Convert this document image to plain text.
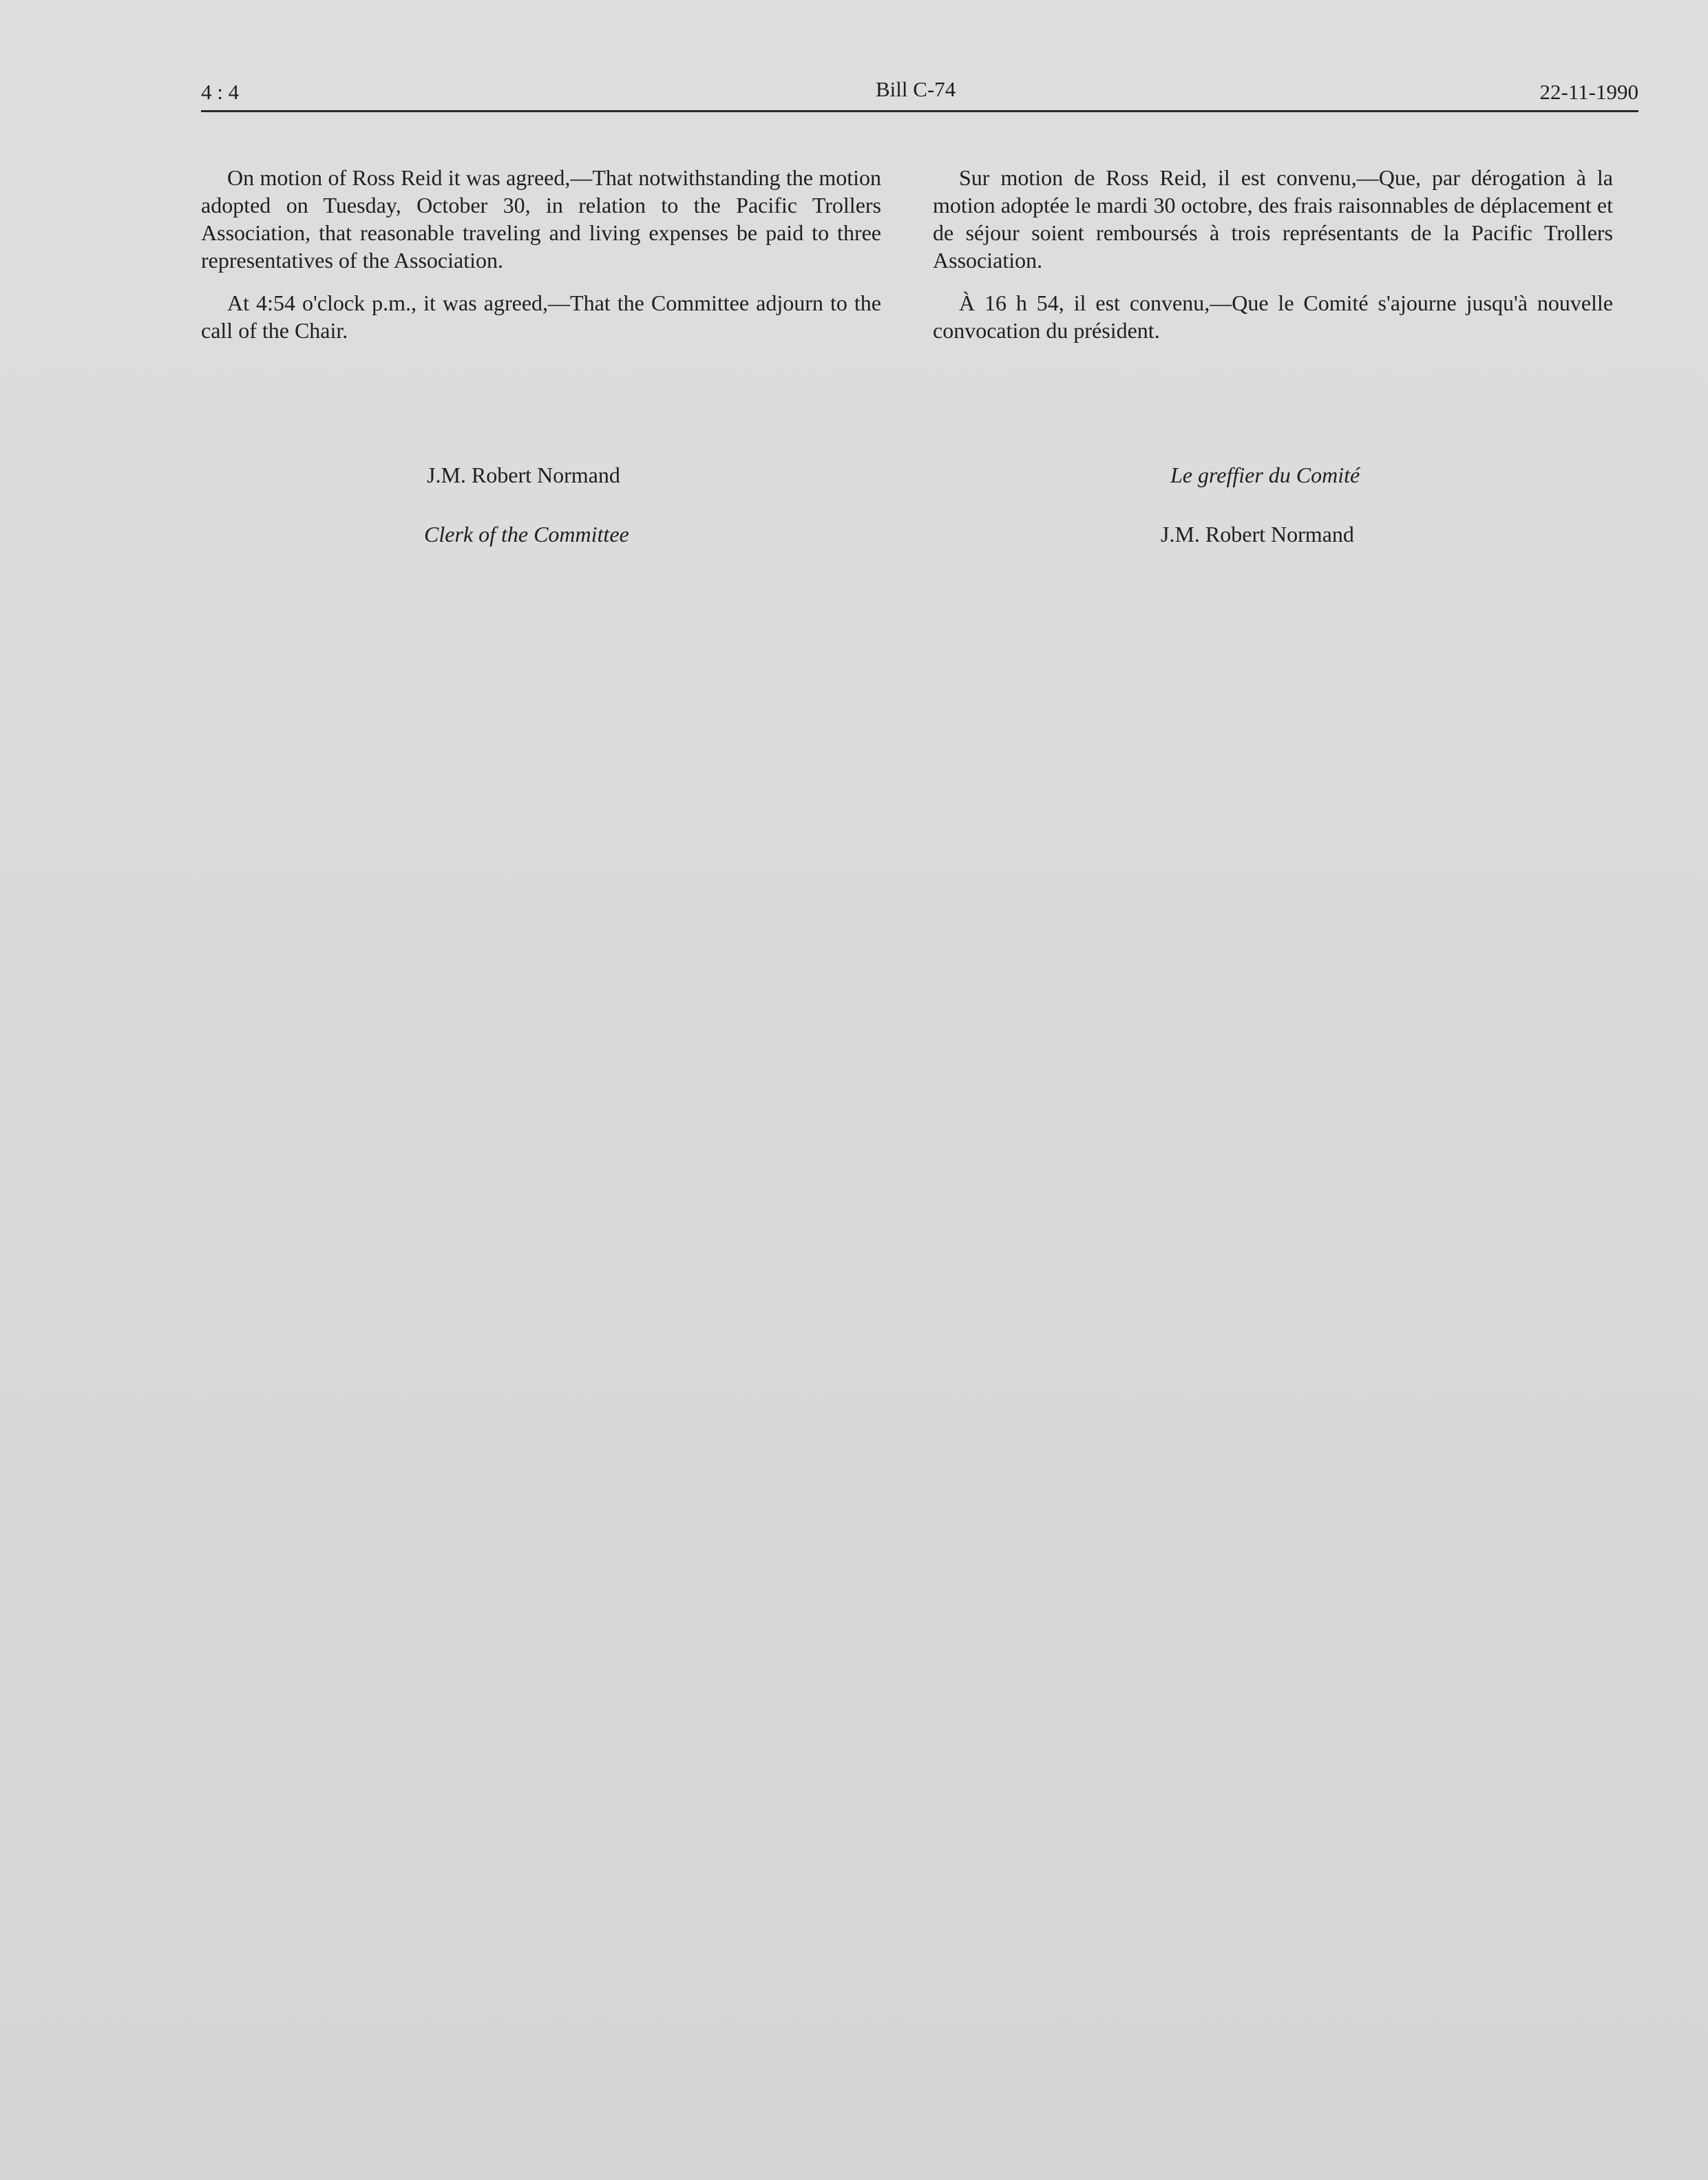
4 : 4	Bill C-74	22-11-1990

On motion of Ross Reid it was agreed,—That notwithstanding the motion adopted on Tuesday, October 30, in relation to the Pacific Trollers Association, that reasonable traveling and living expenses be paid to three representatives of the Association.

At 4:54 o'clock p.m., it was agreed,—That the Committee adjourn to the call of the Chair.

Sur motion de Ross Reid, il est convenu,—Que, par dérogation à la motion adoptée le mardi 30 octobre, des frais raisonnables de déplacement et de séjour soient remboursés à trois représentants de la Pacific Trollers Association.

À 16 h 54, il est convenu,—Que le Comité s'ajourne jusqu'à nouvelle convocation du président.

J.M. Robert Normand
Clerk of the Committee
Le greffier du Comité
J.M. Robert Normand
